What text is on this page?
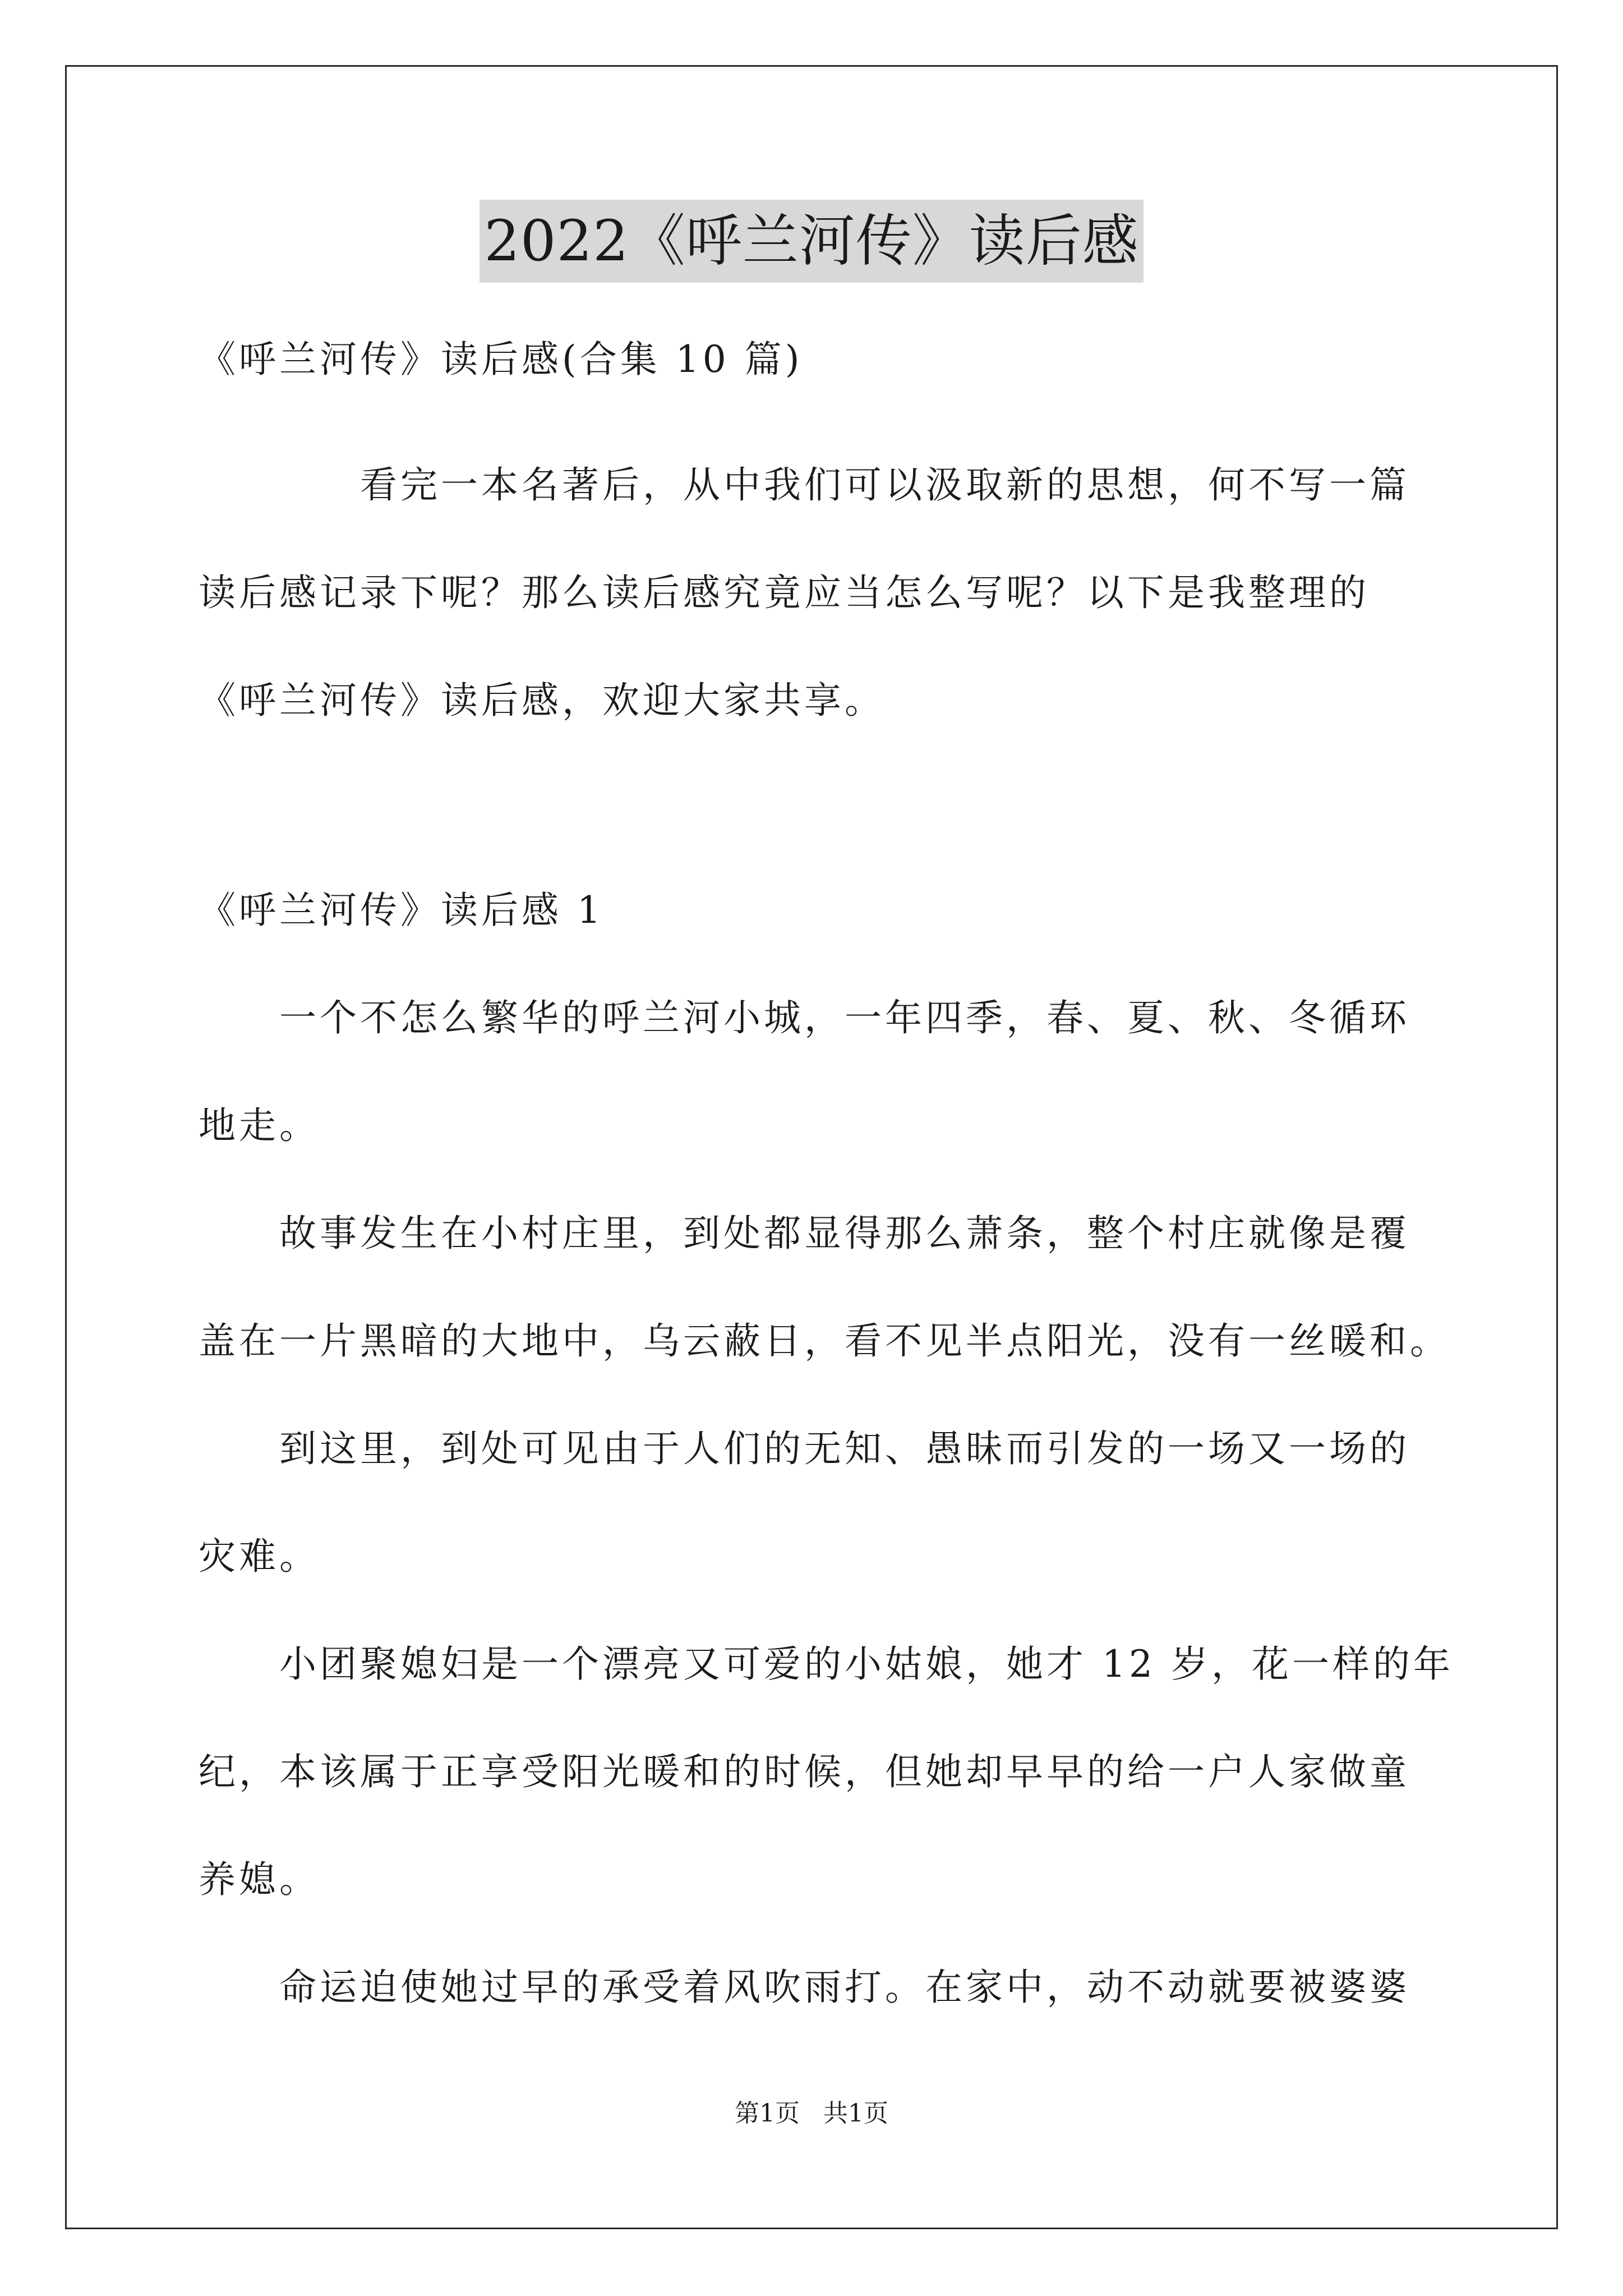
2022《呼兰河传》读后感
《呼兰河传》读后感(合集 10 篇)
　　　　看完一本名著后，从中我们可以汲取新的思想，何不写一篇
读后感记录下呢？那么读后感究竟应当怎么写呢？以下是我整理的
《呼兰河传》读后感，欢迎大家共享。
《呼兰河传》读后感 1
　　一个不怎么繁华的呼兰河小城，一年四季，春、夏、秋、冬循环
地走。
　　故事发生在小村庄里，到处都显得那么萧条，整个村庄就像是覆
盖在一片黑暗的大地中，乌云蔽日，看不见半点阳光，没有一丝暖和。
　　到这里，到处可见由于人们的无知、愚昧而引发的一场又一场的
灾难。
　　小团聚媳妇是一个漂亮又可爱的小姑娘，她才 12 岁，花一样的年
纪，本该属于正享受阳光暖和的时候，但她却早早的给一户人家做童
养媳。
　　命运迫使她过早的承受着风吹雨打。在家中，动不动就要被婆婆
第1页   共1页
